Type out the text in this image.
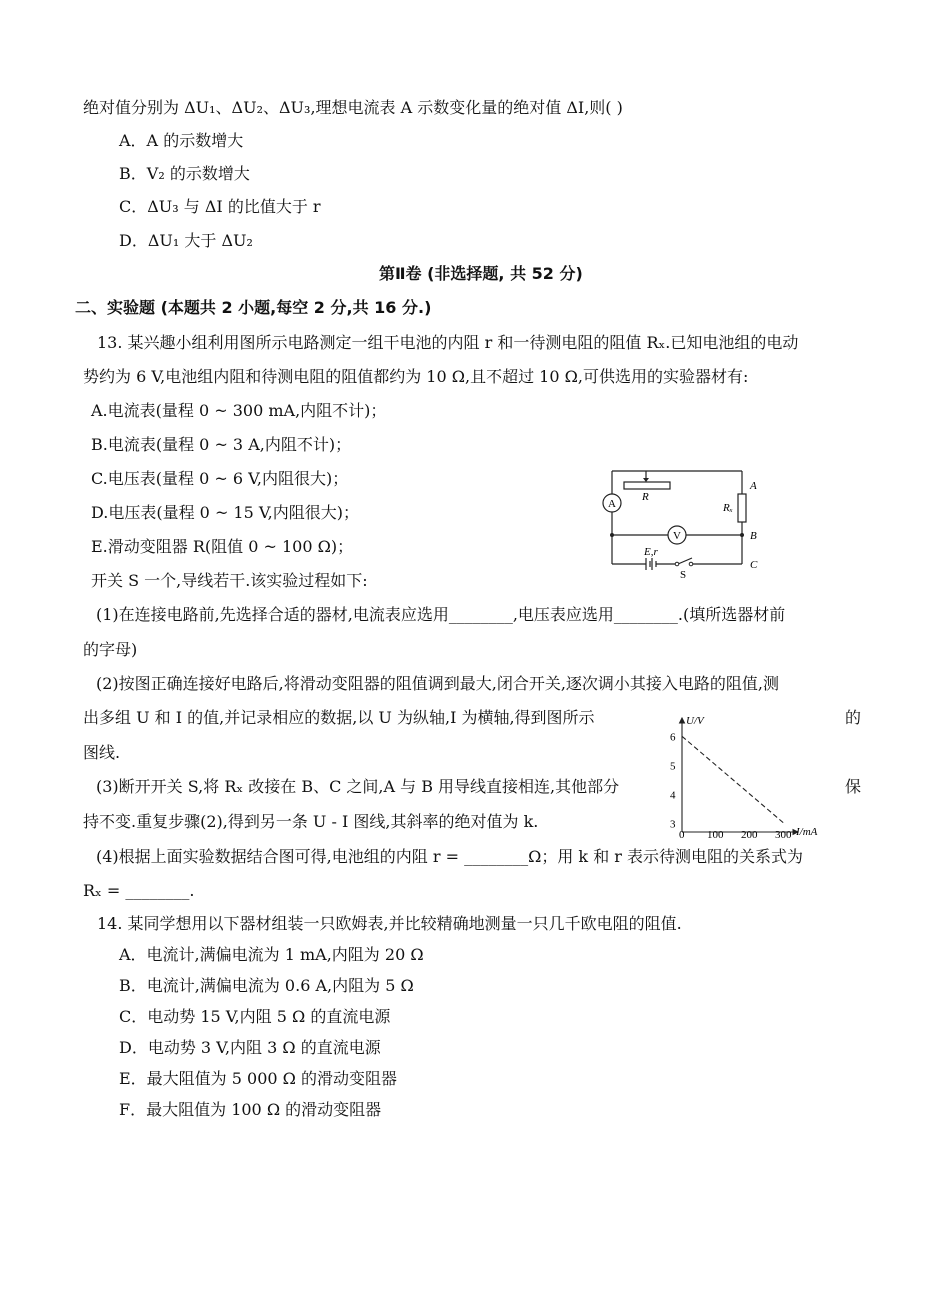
绝对值分别为 ΔU₁、ΔU₂、ΔU₃,理想电流表 A 示数变化量的绝对值 ΔI,则( )
A．A 的示数增大
B．V₂ 的示数增大
C．ΔU₃ 与 ΔI 的比值大于 r
D．ΔU₁ 大于 ΔU₂
第Ⅱ卷 (非选择题, 共 52 分)
二、实验题 (本题共 2 小题,每空 2 分,共 16 分.)
13. 某兴趣小组利用图所示电路测定一组干电池的内阻 r 和一待测电阻的阻值 Rₓ.已知电池组的电动
势约为 6 V,电池组内阻和待测电阻的阻值都约为 10 Ω,且不超过 10 Ω,可供选用的实验器材有:
A.电流表(量程 0 ~ 300 mA,内阻不计)；
B.电流表(量程 0 ~ 3 A,内阻不计)；
C.电压表(量程 0 ~ 6 V,内阻很大)；
D.电压表(量程 0 ~ 15 V,内阻很大)；
E.滑动变阻器 R(阻值 0 ~ 100 Ω)；
开关 S 一个,导线若干.该实验过程如下:
(1)在连接电路前,先选择合适的器材,电流表应选用________,电压表应选用________.(填所选器材前
的字母)
(2)按图正确连接好电路后,将滑动变阻器的阻值调到最大,闭合开关,逐次调小其接入电路的阻值,测
出多组 U 和 I 的值,并记录相应的数据,以 U 为纵轴,I 为横轴,得到图所示	的
图线.
(3)断开开关 S,将 Rₓ 改接在 B、C 之间,A 与 B 用导线直接相连,其他部分	保
持不变.重复步骤(2),得到另一条 U - I 图线,其斜率的绝对值为 k.
(4)根据上面实验数据结合图可得,电池组的内阻 r = ________Ω；用 k 和 r 表示待测电阻的关系式为
Rₓ = ________.
A
V
R
A
Rₓ
B
C
E,r
S
U/V
I/mA
3
4
5
6
0 100 200 300
14. 某同学想用以下器材组装一只欧姆表,并比较精确地测量一只几千欧电阻的阻值.
A．电流计,满偏电流为 1 mA,内阻为 20 Ω
B．电流计,满偏电流为 0.6 A,内阻为 5 Ω
C．电动势 15 V,内阻 5 Ω 的直流电源
D．电动势 3 V,内阻 3 Ω 的直流电源
E．最大阻值为 5 000 Ω 的滑动变阻器
F．最大阻值为 100 Ω 的滑动变阻器
